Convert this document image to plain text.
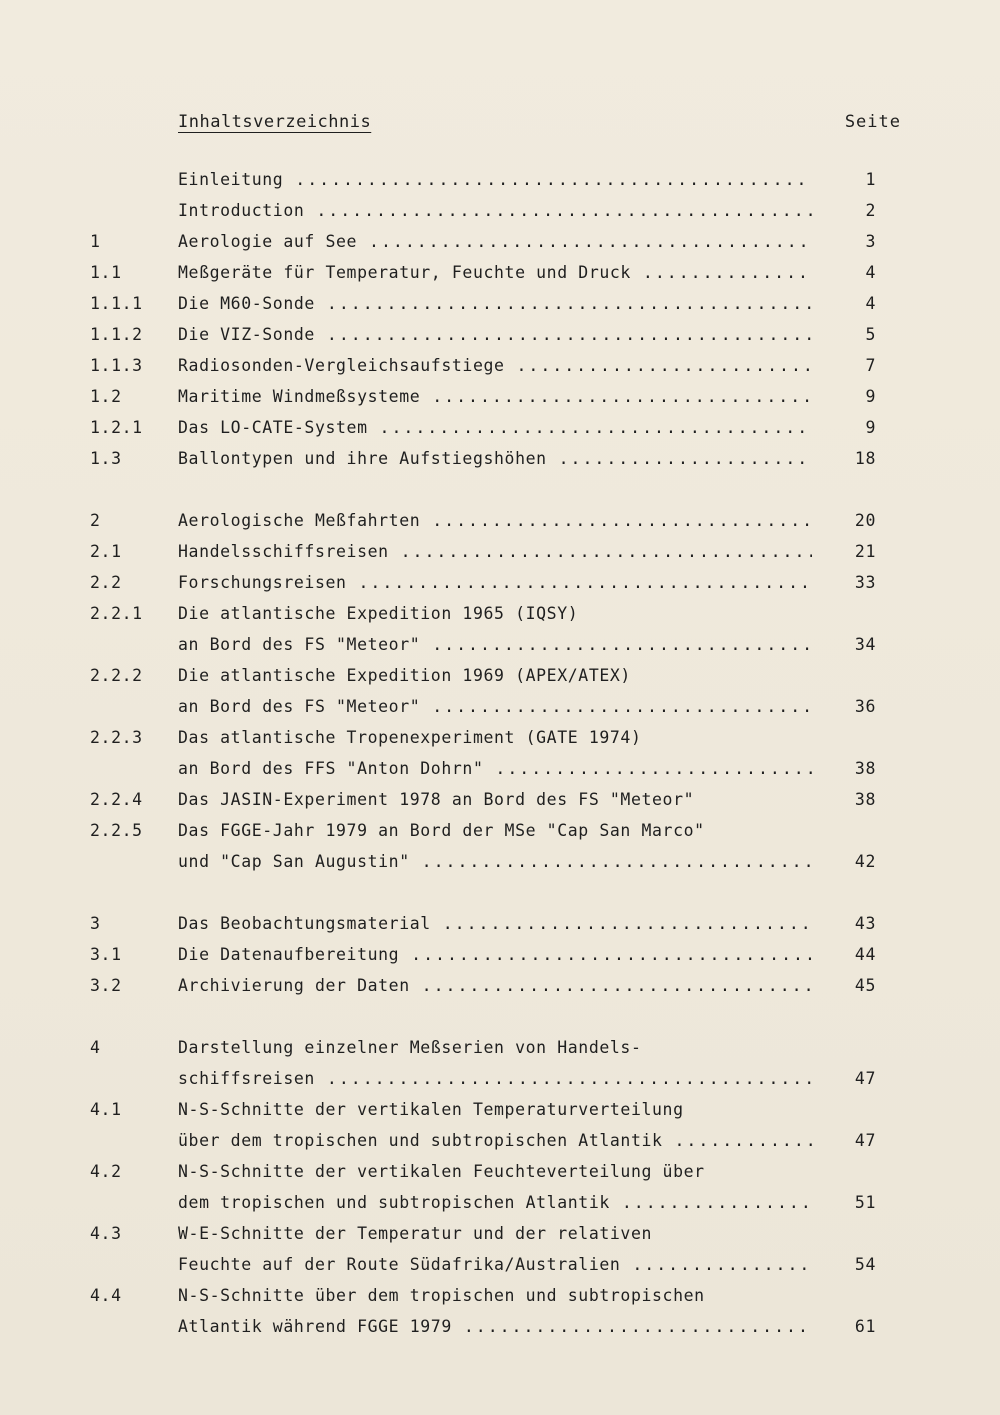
Inhaltsverzeichnis	Seite
Einleitung .....	1
Introduction .....	2
1	Aerologie auf See .....	3
1.1	Meßgeräte für Temperatur, Feuchte und Druck .....	4
1.1.1 Die M60-Sonde .....	4
1.1.2 Die VIZ-Sonde .....	5
1.1.3 Radiosonden-Vergleichsaufstiege .....	7
1.2	Maritime Windmeßsysteme .....	9
1.2.1 Das LO-CATE-System .....	9
1.3	Ballontypen und ihre Aufstiegshöhen .....	18
2	Aerologische Meßfahrten .....	20
2.1	Handelsschiffsreisen .....	21
2.2	Forschungsreisen .....	33
2.2.1 Die atlantische Expedition 1965 (IQSY)
an Bord des FS "Meteor" .....	34
2.2.2 Die atlantische Expedition 1969 (APEX/ATEX)
an Bord des FS "Meteor" .....	36
2.2.3 Das atlantische Tropenexperiment (GATE 1974)
an Bord des FFS "Anton Dohrn" .....	38
2.2.4 Das JASIN-Experiment 1978 an Bord des FS "Meteor"	38
2.2.5 Das FGGE-Jahr 1979 an Bord der MSe "Cap San Marco"
und "Cap San Augustin" .....	42
3	Das Beobachtungsmaterial .....	43
3.1	Die Datenaufbereitung .....	44
3.2	Archivierung der Daten .....	45
4	Darstellung einzelner Meßserien von Handels-
schiffsreisen .....	47
4.1	N-S-Schnitte der vertikalen Temperaturverteilung
über dem tropischen und subtropischen Atlantik .....	47
4.2	N-S-Schnitte der vertikalen Feuchteverteilung über
dem tropischen und subtropischen Atlantik .....	51
4.3	W-E-Schnitte der Temperatur und der relativen
Feuchte auf der Route Südafrika/Australien .....	54
4.4	N-S-Schnitte über dem tropischen und subtropischen
Atlantik während FGGE 1979 .....	61
